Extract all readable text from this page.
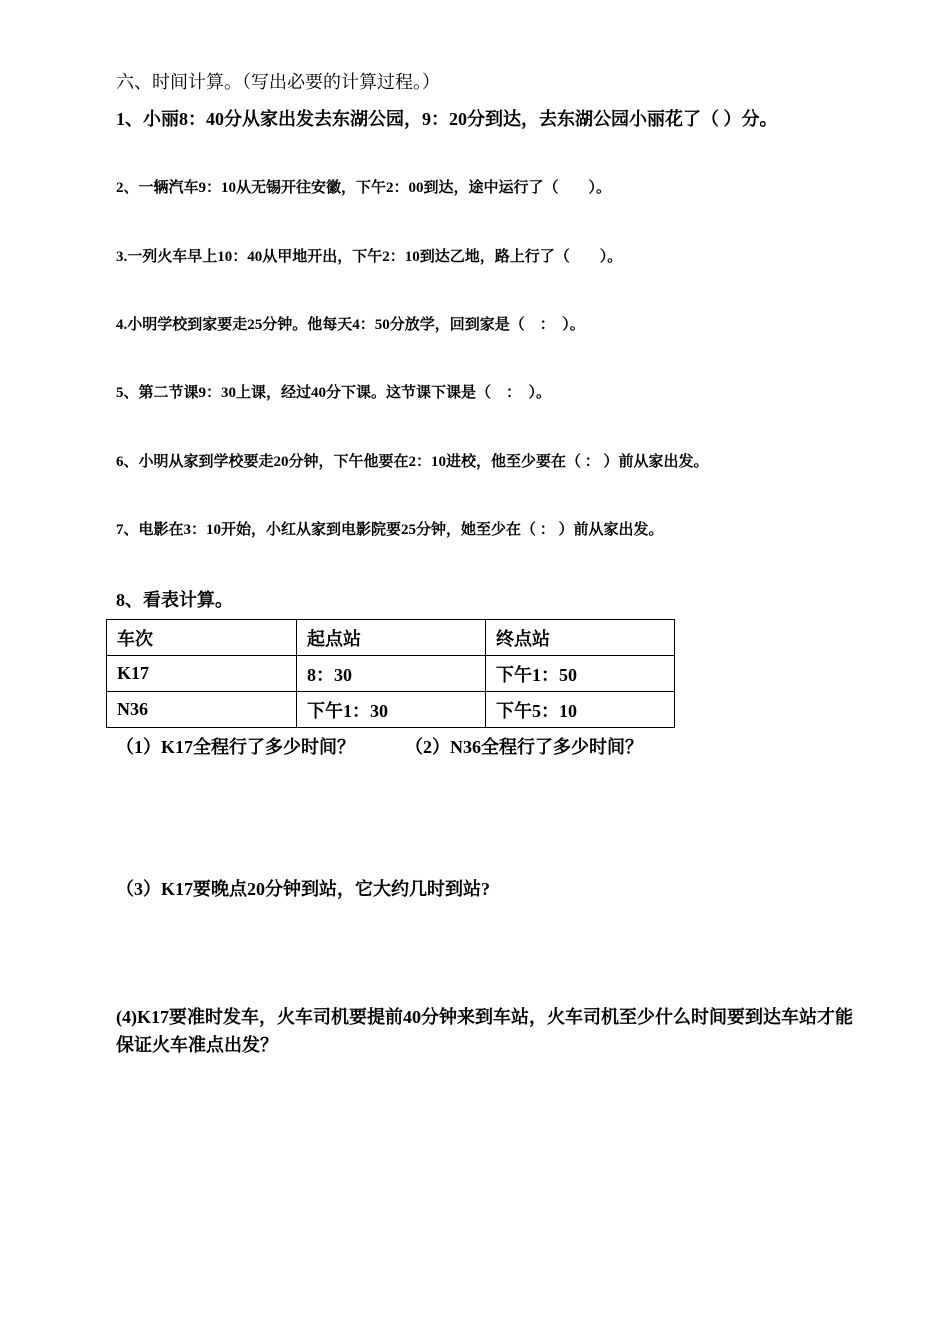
六、时间计算。（写出必要的计算过程。）
1、小丽8：40分从家出发去东湖公园，9：20分到达，去东湖公园小丽花了（ ）分。
2、一辆汽车9：10从无锡开往安徽，下午2：00到达，途中运行了（　　）。
3.一列火车早上10：40从甲地开出，下午2：10到达乙地，路上行了（　　）。
4.小明学校到家要走25分钟。他每天4：50分放学，回到家是（　：　）。
5、第二节课9：30上课，经过40分下课。这节课下课是（　：　）。
6、小明从家到学校要走20分钟，下午他要在2：10进校，他至少要在（ ： ）前从家出发。
7、电影在3：10开始，小红从家到电影院要25分钟，她至少在（ ： ）前从家出发。
8、看表计算。
车次	起点站	终点站
K17	8：30	下午1：50
N36	下午1：30	下午5：10
（1）K17全程行了多少时间？	（2）N36全程行了多少时间？
（3）K17要晚点20分钟到站，它大约几时到站?
(4)K17要准时发车，火车司机要提前40分钟来到车站，火车司机至少什么时间要到达车站才能保证火车准点出发？
